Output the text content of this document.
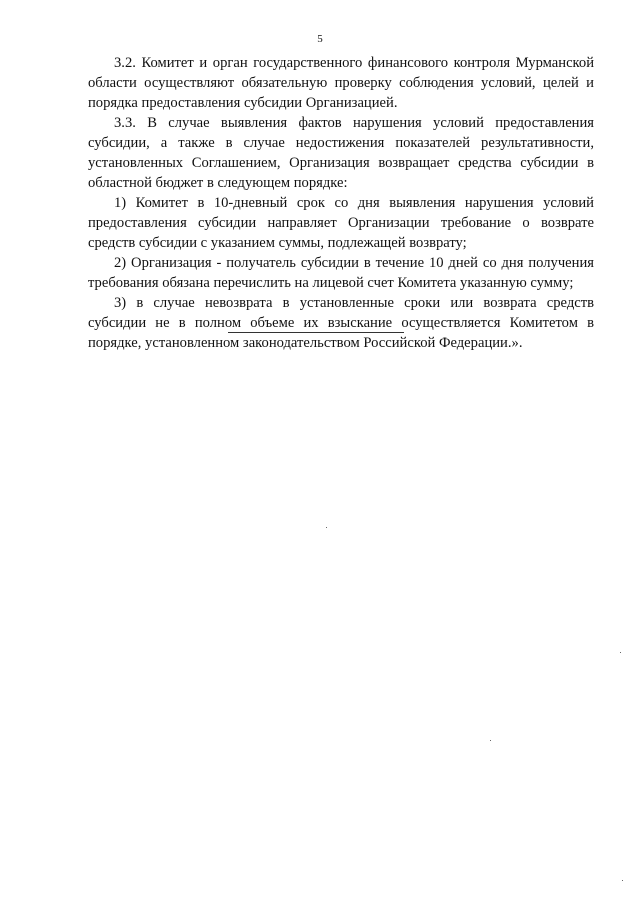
5

3.2. Комитет и орган государственного финансового контроля Мурманской области осуществляют обязательную проверку соблюдения условий, целей и порядка предоставления субсидии Организацией.

3.3. В случае выявления фактов нарушения условий предоставления субсидии, а также в случае недостижения показателей результативности, установленных Соглашением, Организация возвращает средства субсидии в областной бюджет в следующем порядке:

1) Комитет в 10-дневный срок со дня выявления нарушения условий предоставления субсидии направляет Организации требование о возврате средств субсидии с указанием суммы, подлежащей возврату;

2) Организация - получатель субсидии в течение 10 дней со дня получения требования обязана перечислить на лицевой счет Комитета указанную сумму;

3) в случае невозврата в установленные сроки или возврата средств субсидии не в полном объеме их взыскание осуществляется Комитетом в порядке, установленном законодательством Российской Федерации.».
